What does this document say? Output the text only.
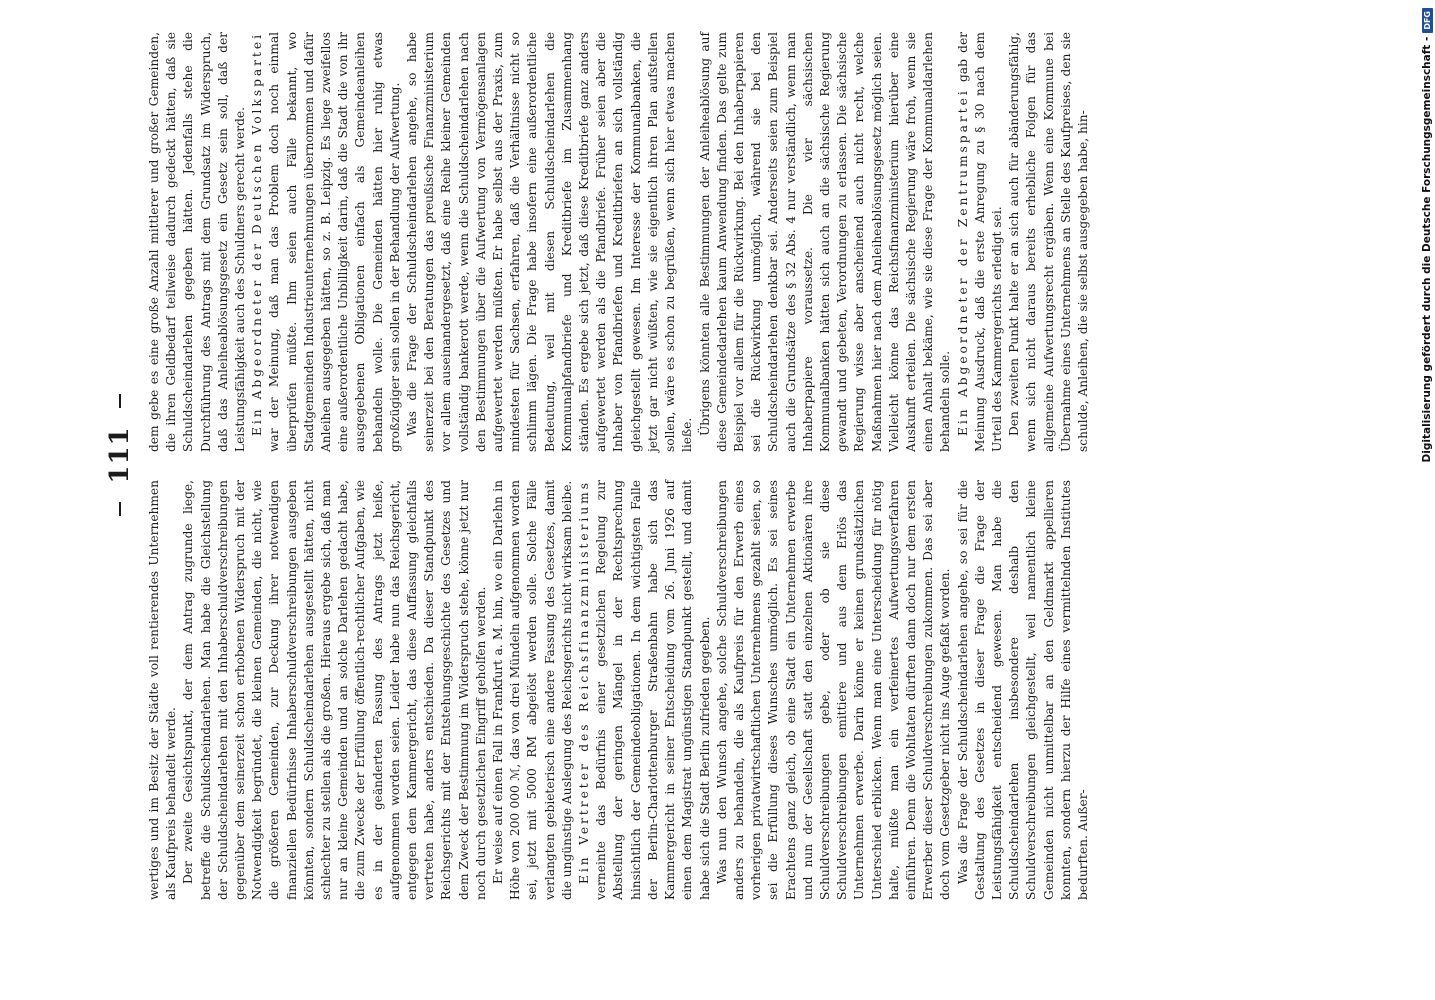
111

wertiges und im Besitz der Städte voll rentierendes Unternehmen als Kaufpreis behandelt werde. Der zweite Gesichtspunkt, der dem Antrag zugrunde liege, betreffe die Schuldscheindarlehen. Man habe die Gleichstellung der Schuldscheindarlehen mit den Inhaberschuldverschreibungen gegenüber dem seinerzeit schon erhobenen Widerspruch mit der Notwendigkeit begründet, die kleinen Gemeinden, die nicht, wie die größeren Gemeinden, zur Deckung ihrer notwendigen finanziellen Bedürfnisse Inhaberschuldverschreibungen ausgeben könnten, sondern Schuldscheindarlehen ausgestellt hätten, nicht schlechter zu stellen als die großen. Hieraus ergebe sich, daß man nur an kleine Gemeinden und an solche Darlehen gedacht habe, die zum Zwecke der Erfüllung öffentlich-rechtlicher Aufgaben, wie es in der geänderten Fassung des Antrags jetzt heiße, aufgenommen worden seien. Leider habe nun das Reichsgericht, entgegen dem Kammergericht, das diese Auffassung gleichfalls vertreten habe, anders entschieden. Da dieser Standpunkt des Reichsgerichts mit der Entstehungsgeschichte des Gesetzes und dem Zweck der Bestimmung im Widerspruch stehe, könne jetzt nur noch durch gesetzlichen Eingriff geholfen werden. Er weise auf einen Fall in Frankfurt a. M. hin, wo ein Darlehn in Höhe von 200 000 ℳ, das von drei Mündeln aufgenommen worden sei, jetzt mit 5000 RM abgelöst werden solle. Solche Fälle verlangten gebieterisch eine andere Fassung des Gesetzes, damit die ungünstige Auslegung des Reichsgerichts nicht wirksam bleibe. Ein Vertreter des Reichsfinanzministeriums verneinte das Bedürfnis einer gesetzlichen Regelung zur Abstellung der geringen Mängel in der Rechtsprechung hinsichtlich der Gemeindeobligationen. In dem wichtigsten Falle der Berlin-Charlottenburger Straßenbahn habe sich das Kammergericht in seiner Entscheidung vom 26. Juni 1926 auf einen dem Magistrat ungünstigen Standpunkt gestellt, und damit habe sich die Stadt Berlin zufrieden gegeben. Was nun den Wunsch angehe, solche Schuldverschreibungen anders zu behandeln, die als Kaufpreis für den Erwerb eines vorherigen privatwirtschaftlichen Unternehmens gezahlt seien, so sei die Erfüllung dieses Wunsches unmöglich. Es sei seines Erachtens ganz gleich, ob eine Stadt ein Unternehmen erwerbe und nun der Gesellschaft statt den einzelnen Aktionären ihre Schuldverschreibungen gebe, oder ob sie diese Schuldverschreibungen emittiere und aus dem Erlös das Unternehmen erwerbe. Darin könne er keinen grundsätzlichen Unterschied erblicken. Wenn man eine Unterscheidung für nötig halte, müßte man ein verfeinertes Aufwertungsverfahren einführen. Denn die Wohltaten dürften dann doch nur dem ersten Erwerber dieser Schuldverschreibungen zukommen. Das sei aber doch vom Gesetzgeber nicht ins Auge gefaßt worden. Was die Frage der Schuldscheindarlehen angehe, so sei für die Gestaltung des Gesetzes in dieser Frage die Frage der Leistungsfähigkeit entscheidend gewesen. Man habe die Schuldscheindarlehen insbesondere deshalb den Schuldverschreibungen gleichgestellt, weil namentlich kleine Gemeinden nicht unmittelbar an den Geldmarkt appellieren konnten, sondern hierzu der Hilfe eines vermittelnden Institutes bedurften. Außer-

dem gebe es eine große Anzahl mittlerer und großer Gemeinden, die ihren Geldbedarf teilweise dadurch gedeckt hätten, daß sie Schuldscheindarlehen gegeben hätten. Jedenfalls stehe die Durchführung des Antrags mit dem Grundsatz im Widerspruch, daß das Anleiheablösungsgesetz ein Gesetz sein soll, daß der Leistungsfähigkeit auch des Schuldners gerecht werde. Ein Abgeordneter der Deutschen Volkspartei war der Meinung, daß man das Problem doch noch einmal überprüfen müßte. Ihm seien auch Fälle bekannt, wo Stadtgemeinden Industrieunternehmungen übernommen und dafür Anleihen ausgegeben hätten, so z. B. Leipzig. Es liege zweifellos eine außerordentliche Unbilligkeit darin, daß die Stadt die von ihr ausgegebenen Obligationen einfach als Gemeindeanleihen behandeln wolle. Die Gemeinden hätten hier ruhig etwas großzügiger sein sollen in der Behandlung der Aufwertung. Was die Frage der Schuldscheindarlehen angehe, so habe seinerzeit bei den Beratungen das preußische Finanzministerium vor allem auseinandergesetzt, daß eine Reihe kleiner Gemeinden vollständig bankerott werde, wenn die Schuldscheindarlehen nach den Bestimmungen über die Aufwertung von Vermögensanlagen aufgewertet werden müßten. Er habe selbst aus der Praxis, zum mindesten für Sachsen, erfahren, daß die Verhältnisse nicht so schlimm lägen. Die Frage habe insofern eine außerordentliche Bedeutung, weil mit diesen Schuldscheindarlehen die Kommunalpfandbriefe und Kreditbriefe im Zusammenhang ständen. Es ergebe sich jetzt, daß diese Kreditbriefe ganz anders aufgewertet werden als die Pfandbriefe. Früher seien aber die Inhaber von Pfandbriefen und Kreditbriefen an sich vollständig gleichgestellt gewesen. Im Interesse der Kommunalbanken, die jetzt gar nicht wüßten, wie sie eigentlich ihren Plan aufstellen sollen, wäre es schon zu begrüßen, wenn sich hier etwas machen ließe. Übrigens könnten alle Bestimmungen der Anleiheablösung auf diese Gemeindedarlehen kaum Anwendung finden. Das gelte zum Beispiel vor allem für die Rückwirkung. Bei den Inhaberpapieren sei die Rückwirkung unmöglich, während sie bei den Schuldscheindarlehen denkbar sei. Anderseits seien zum Beispiel auch die Grundsätze des § 32 Abs. 4 nur verständlich, wenn man Inhaberpapiere voraussetze. Die vier sächsischen Kommunalbanken hätten sich auch an die sächsische Regierung gewandt und gebeten, Verordnungen zu erlassen. Die sächsische Regierung wisse aber anscheinend auch nicht recht, welche Maßnahmen hier nach dem Anleiheablösungsgesetz möglich seien. Vielleicht könne das Reichsfinanzministerium hierüber eine Auskunft erteilen. Die sächsische Regierung wäre froh, wenn sie einen Anhalt bekäme, wie sie diese Frage der Kommunaldarlehen behandeln solle. Ein Abgeordneter der Zentrumspartei gab der Meinung Ausdruck, daß die erste Anregung zu § 30 nach dem Urteil des Kammergerichts erledigt sei. Den zweiten Punkt halte er an sich auch für abänderungsfähig, wenn sich nicht daraus bereits erhebliche Folgen für das allgemeine Aufwertungsrecht ergäben. Wenn eine Kommune bei Übernahme eines Unternehmens an Stelle des Kaufpreises, den sie schulde, Anleihen, die sie selbst ausgegeben habe, hin-	Digitalisierung gefördert durch die Deutsche Forschungsgemeinschaft -
DFG
